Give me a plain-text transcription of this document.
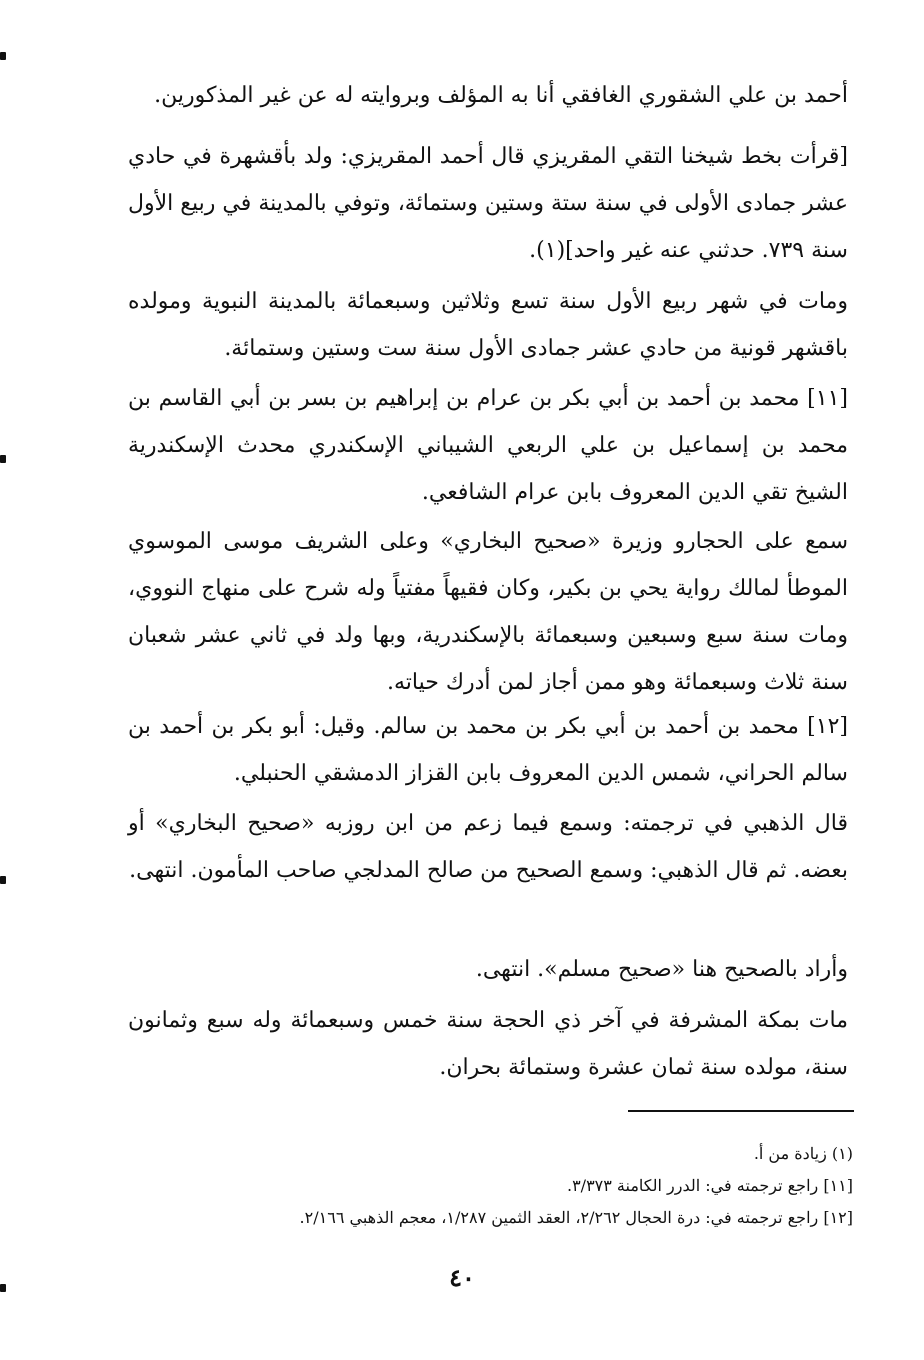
أحمد بن علي الشقوري الغافقي أنا به المؤلف وبروايته له عن غير المذكورين.

[قرأت بخط شيخنا التقي المقريزي قال أحمد المقريزي: ولد بأقشهرة في حادي عشر جمادى الأولى في سنة ستة وستين وستمائة، وتوفي بالمدينة في ربيع الأول سنة ٧٣٩. حدثني عنه غير واحد](١).

ومات في شهر ربيع الأول سنة تسع وثلاثين وسبعمائة بالمدينة النبوية ومولده باقشهر قونية من حادي عشر جمادى الأول سنة ست وستين وستمائة.

[١١] محمد بن أحمد بن أبي بكر بن عرام بن إبراهيم بن بسر بن أبي القاسم بن محمد بن إسماعيل بن علي الربعي الشيباني الإسكندري محدث الإسكندرية الشيخ تقي الدين المعروف بابن عرام الشافعي.

سمع على الحجارو وزيرة «صحيح البخاري» وعلى الشريف موسى الموسوي الموطأ لمالك رواية يحي بن بكير، وكان فقيهاً مفتياً وله شرح على منهاج النووي، ومات سنة سبع وسبعين وسبعمائة بالإسكندرية، وبها ولد في ثاني عشر شعبان سنة ثلاث وسبعمائة وهو ممن أجاز لمن أدرك حياته.

[١٢] محمد بن أحمد بن أبي بكر بن محمد بن سالم. وقيل: أبو بكر بن أحمد بن سالم الحراني، شمس الدين المعروف بابن القزاز الدمشقي الحنبلي.

قال الذهبي في ترجمته: وسمع فيما زعم من ابن روزبه «صحيح البخاري» أو بعضه. ثم قال الذهبي: وسمع الصحيح من صالح المدلجي صاحب المأمون. انتهى.

وأراد بالصحيح هنا «صحيح مسلم». انتهى.

مات بمكة المشرفة في آخر ذي الحجة سنة خمس وسبعمائة وله سبع وثمانون سنة، مولده سنة ثمان عشرة وستمائة بحران.

(١) زيادة من أ.

[١١] راجع ترجمته في: الدرر الكامنة ٣/٣٧٣.

[١٢] راجع ترجمته في: درة الحجال ٢/٢٦٢، العقد الثمين ١/٢٨٧، معجم الذهبي ٢/١٦٦.

٤٠
